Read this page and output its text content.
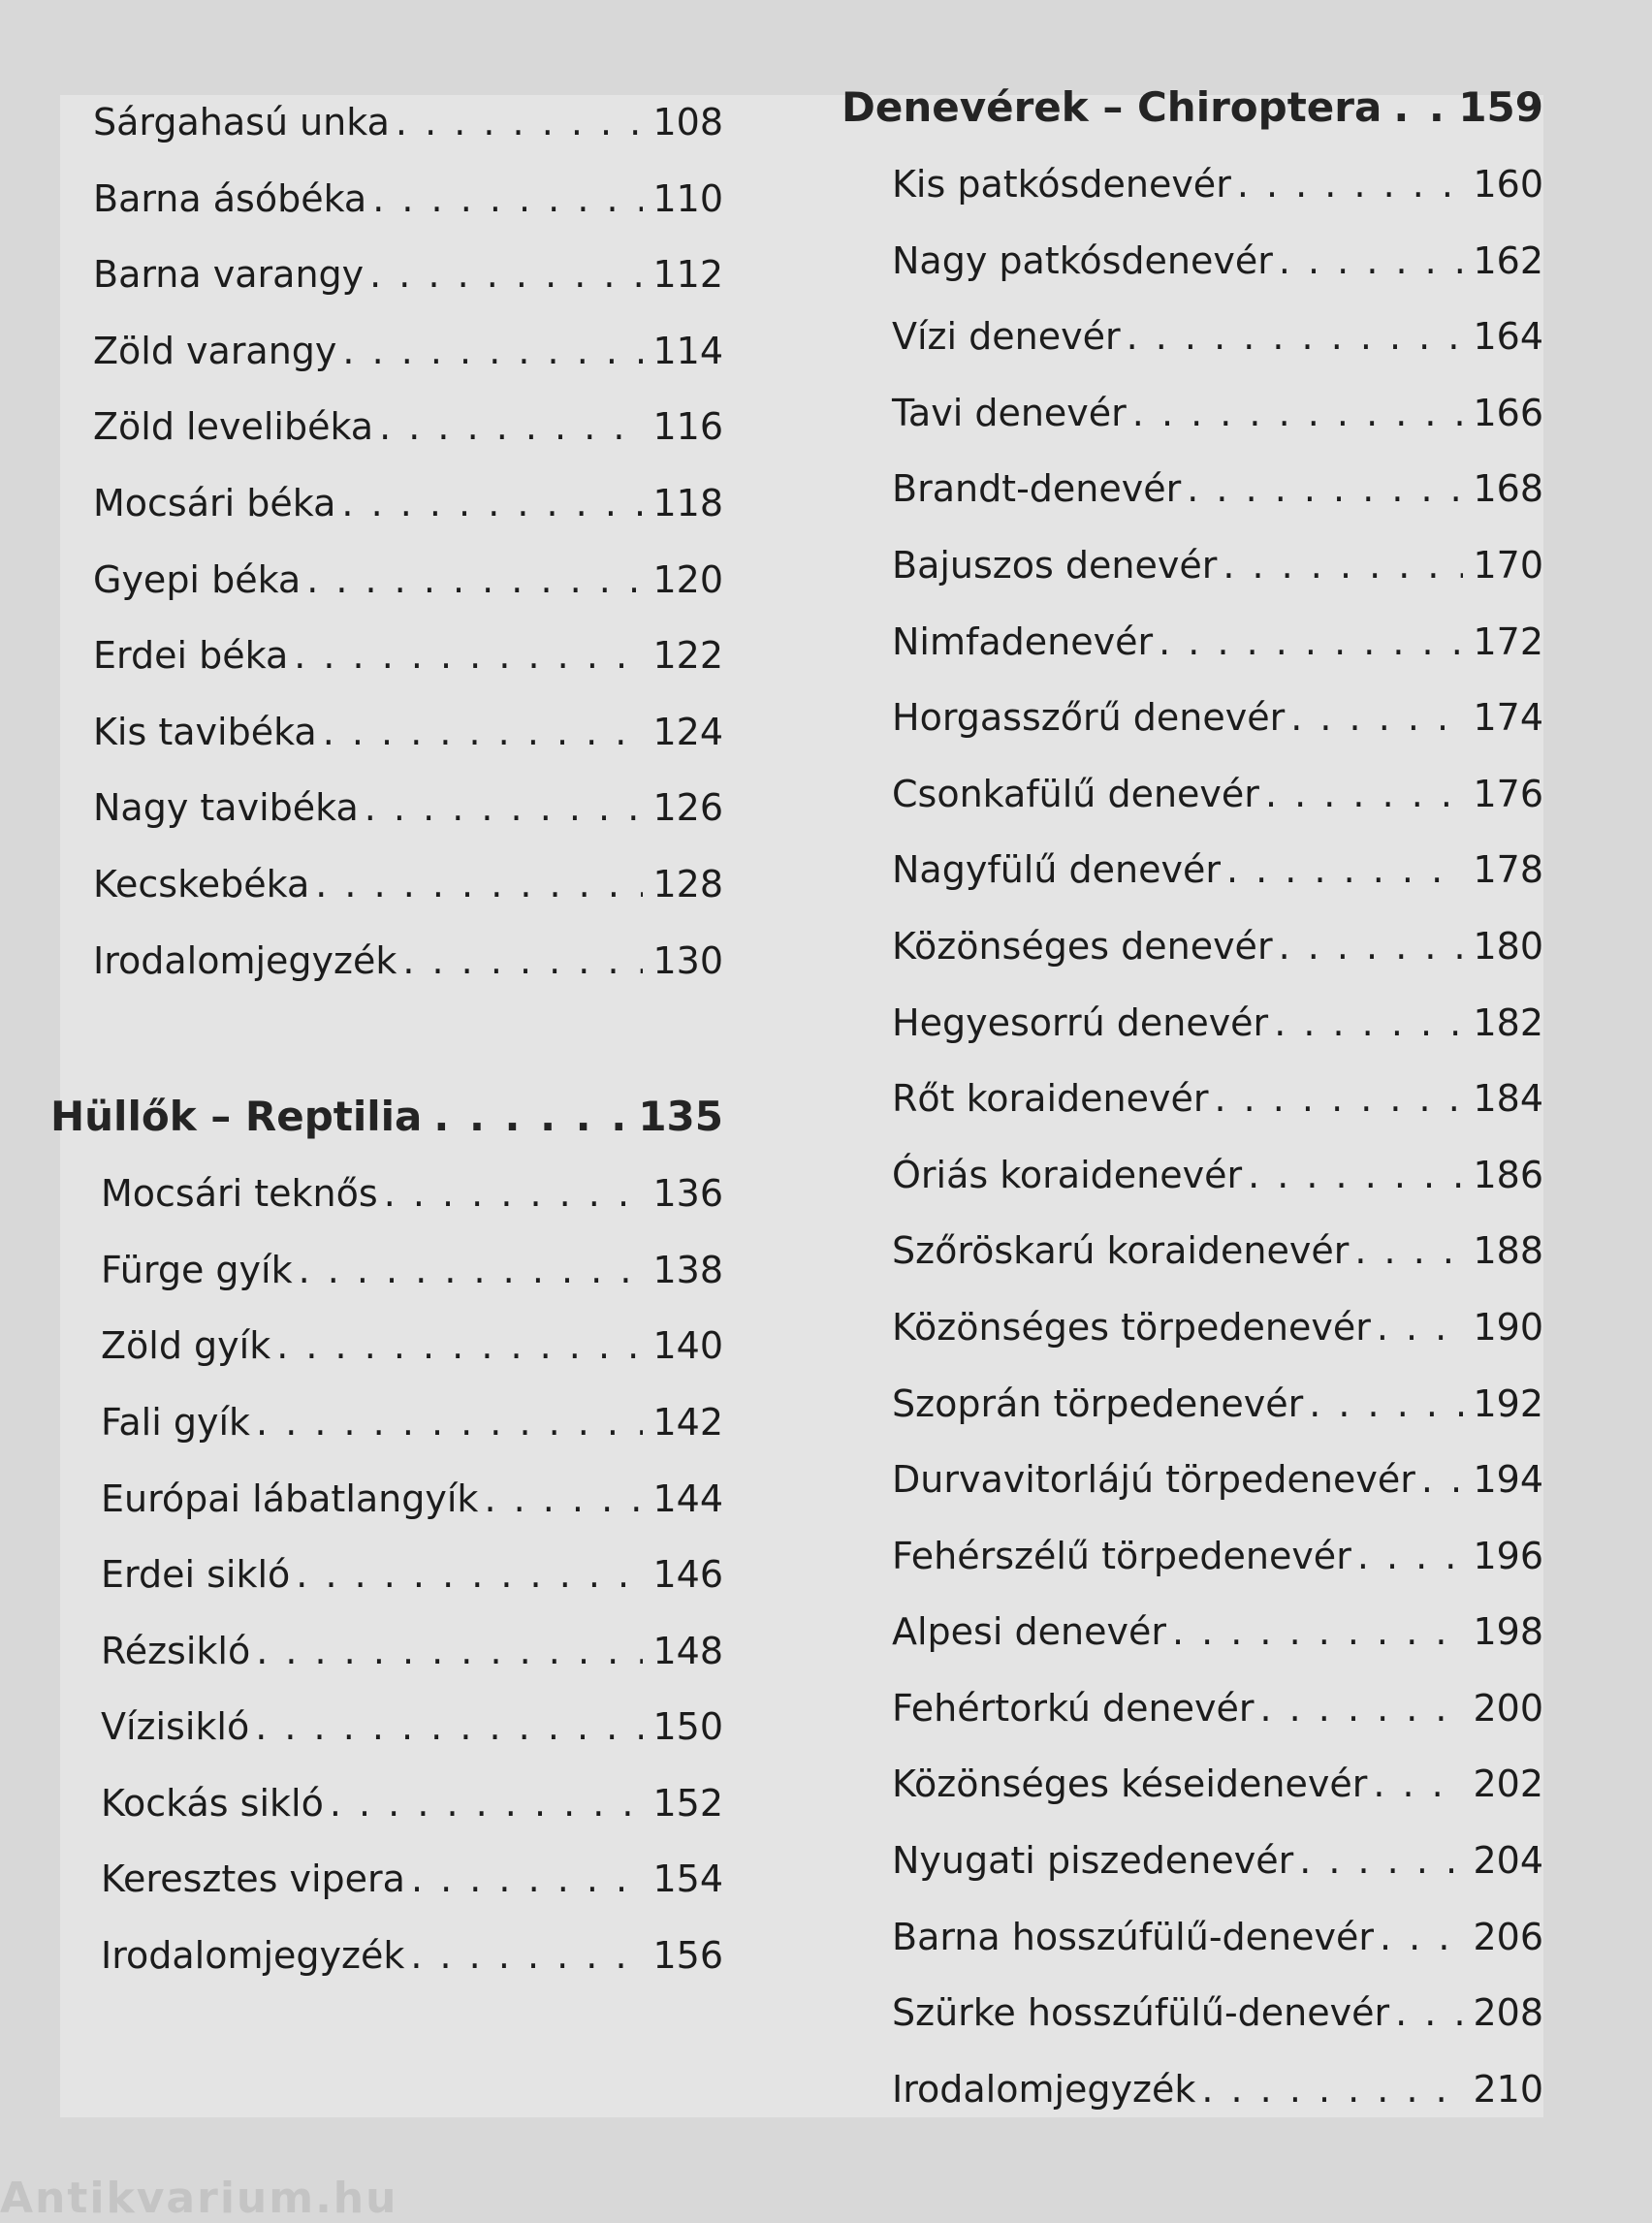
Sárgahasú unka . . .	108
Barna ásóbéka . . .	110
Barna varangy . . .	112
Zöld varangy . . .	114
Zöld levelibéka . . .	116
Mocsári béka . . .	118
Gyepi béka . . .	120
Erdei béka . . .	122
Kis tavibéka . . .	124
Nagy tavibéka . . .	126
Kecskebéka . . .	128
Irodalomjegyzék . . .	130
Hüllők – Reptilia . . .	135
Mocsári teknős . . .	136
Fürge gyík . . .	138
Zöld gyík . . .	140
Fali gyík . . .	142
Európai lábatlangyík . . .	144
Erdei sikló . . .	146
Rézsikló . . .	148
Vízisikló . . .	150
Kockás sikló . . .	152
Keresztes vipera . . .	154
Irodalomjegyzék . . .	156
Denevérek – Chiroptera . . . 159
Kis patkósdenevér . . .	160
Nagy patkósdenevér . . .	162
Vízi denevér . . .	164
Tavi denevér . . .	166
Brandt-denevér . . .	168
Bajuszos denevér . . .	170
Nimfadenevér . . .	172
Horgasszőrű denevér . . .	174
Csonkafülű denevér . . .	176
Nagyfülű denevér . . .	178
Közönséges denevér . . .	180
Hegyesorrú denevér . . .	182
Rőt koraidenevér . . .	184
Óriás koraidenevér . . .	186
Szőröskarú koraidenevér . . .	188
Közönséges törpedenevér . . .	190
Szoprán törpedenevér . . .	192
Durvavitorlájú törpedenevér . . . 194
Fehérszélű törpedenevér . . .	196
Alpesi denevér . . .	198
Fehértorkú denevér . . .	200
Közönséges késeidenevér . . .	202
Nyugati piszedenevér . . .	204
Barna hosszúfülű-denevér . . .	206
Szürke hosszúfülű-denevér . . . 208
Irodalomjegyzék . . .	210
Antikvarium.hu
